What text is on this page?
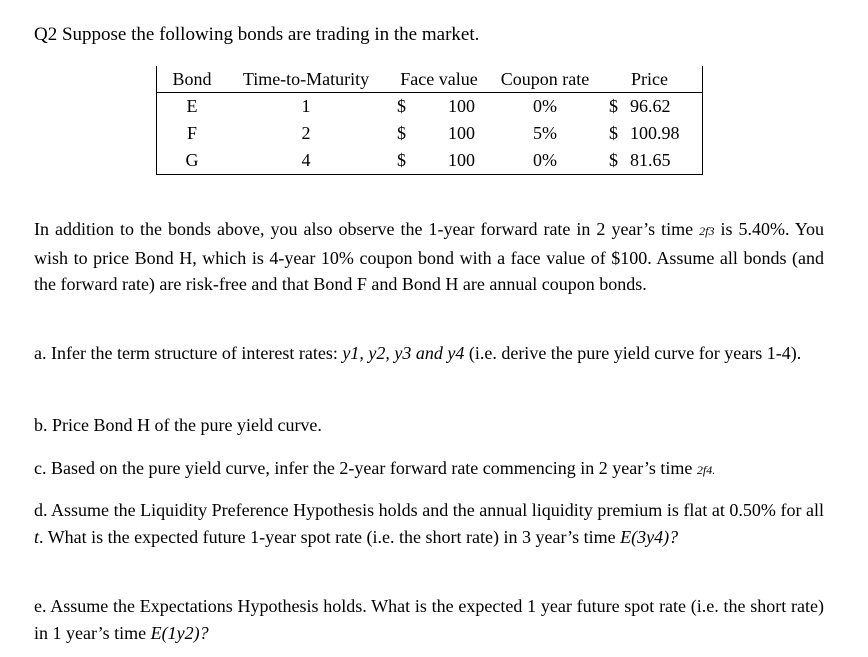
Q2 Suppose the following bonds are trading in the market.
Bond	Time-to-Maturity	Face value	Coupon rate	Price
E	1	$ 100	0%	$ 96.62

F	2	$ 100	5%	$ 100.98

G	4	$ 100	0%	$ 81.65

In addition to the bonds above, you also observe the 1-year forward rate in 2 year’s time 2f3 is 5.40%. You wish to price Bond H, which is 4-year 10% coupon bond with a face value of $100. Assume all bonds (and the forward rate) are risk-free and that Bond F and Bond H are annual coupon bonds.

a. Infer the term structure of interest rates: y1, y2, y3 and y4 (i.e. derive the pure yield curve for years 1-4).

b. Price Bond H of the pure yield curve.

c. Based on the pure yield curve, infer the 2-year forward rate commencing in 2 year’s time 2f4.

d. Assume the Liquidity Preference Hypothesis holds and the annual liquidity premium is flat at 0.50% for all t. What is the expected future 1-year spot rate (i.e. the short rate) in 3 year’s time E(3y4)?

e. Assume the Expectations Hypothesis holds. What is the expected 1 year future spot rate (i.e. the short rate) in 1 year’s time E(1y2)?
